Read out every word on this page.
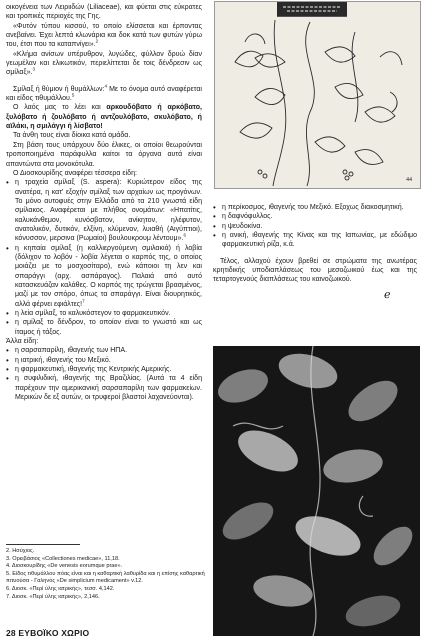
οικογένεια των Λειριιδών (Liliaceae), και φύεται στις εύκρατες και τροπικές περιοχές της Γης.

«Φυτόν τύπου κισσού, το οποίο ελίσσεται και έρποντας ανεβαίνει. Έχει λεπτά κλωνάρια και δοκ κατά των φυτών γύρω του, έτσι που τα καταπνίγει».$^2$

«Κλήμα ανίσων υπέρυθρον, λυγώδες, φύλλον δρυώ δίαν γεωμέλαν και ελικωτικόν, περιελίττεται δε τοις δένδρεσιν ως σμίλαξ».$^3$

Σμίλαξ ή θύμιον ή θυμάλλων:$^4$ Με το όνομα αυτό αναφέρεται και είδος τιθυμάλλου.$^5$

Ο λαός μας το λέει και αρκουδόβατο ή αρκόβατο, ξυλόβατο ή ζουλόβατο ή αντζουλόβατο, σκυλόβατο, ή αϊλάκι, η σμιλάγγι ή λίσβατο!

Τα άνθη τους είναι δίοικα κατά ομάδα.

Στη βάση τους υπάρχουν δύο έλικες, οι οποίοι θεωρούνται τροποποιημένα παράφυλλα καίτοι τα όργανα αυτά είναι απαντώντα στα μονοκότυλα.

Ο Διοσκουρίδης αναφέρει τέσσερα είδη:

• η τραχεία σμίλαξ (S. aspera): Κυριώτερον είδος της ανατέρα, η κατ' εξοχήν σμίλαξ των αρχαίων ως προγόνων. Το μόνο αυτοφυές στην Ελλάδα από τα 210 γνωστά είδη σμίλακος. Αναφέρεται με πλήθος ονομάτων: «Ηπατίτις, καλυκάνθεμον, κυνόσβατον, ανίκητον, ηλέφυτον, ανατολικόν, δυτικόν, ελξίνη, κλύμενον, λυιαθή (Αιγύπτιοι), κόνυσσον, μερσινα (Ρωμαίοι) βουλουκρουμ λέντουμ».$^6$
• η κηπαία σμίλαξ (η καλλιεργούμενη σμιλακιά) ή λοβία (δόλιχον το λοβόν - λοβία λέγεται ο καρπός της, ο οποίος μοιάζει με το μοσχοσίταρο), ενώ κάποιοι τη λεν και σπαράγγι (αρχ. ασπάραγος). Παλαιά από αυτό κατασκευάζαν καλάθες. Ο καρπός της τρώγεται βρασμένος, μαζί με τον σπόρο, όπως τα σπαράγγι. Είναι διουρητικός, αλλά φέρνει εφιάλτες!$^7$
• η λεία σμίλαξ, το καλυκόστεγον το φαρμακευτικόν.
• η σμίλαξ το δένδρον, το οποίον είναι το γνωστό και ως ίταμος ή τάξος.

Άλλα είδη:

• η σαρσαπαρίλη, ιθαγενής των ΗΠΑ.
• η ιατρική, ιθαγενής του Μεξικό.
• η φαρμακευτική, ιθαγενής της Κεντρικής Αμερικής.
• η συφιλιδική, ιθαγενής της Βραζιλίας. (Αυτά τα 4 είδη παρέχουν την αμερικανική σαρσαπαρίλη των φαρμακείων. Μερικών δε εξ αυτών, οι τρυφεροί βλαστοί λαχανεύονται).
2. Ησύχιος.
3. Ορειβάσιος «Collectiones medicae», 11,18.
4. Διοσκουρίδης «De venesis eorumque prae».
5. Είδος τιθυμάλλου πόας είναι και η καθαρτική λαθυρίδα και η επίσης καθαρτική πιτυούσα - Γαληνός «De simplicium medicament» v.12.
6. Διοσκ. «Περί ύλης ιατρικής», τεσσ. 4,142.
7. Διοσκ. «Περί ύλης ιατρικής», 2,146.
28 ΕΥΒΟΪΚΟ ΧΩΡΙΟ
44
• η περίκοσμος, ιθαγενής του Μεξικό. Εξοχως διακοσμητική.
• η δαφνόφυλλος.
• η ψευδοκίνα.
• η ανική, ιθαγενής της Κίνας και της Ιαπωνίας, με εδώδιμο φαρμακευτική ρίζα, κ.ά.

Τέλος, αλλαχού έχουν βρεθεί σε στρώματα της ανωτέρας κρητιδικής υποδιαπλάσεως του μεσοζωικού έως και της τεταρτογενούς διαπλάσεως του καινοζωικού.

ℯ
